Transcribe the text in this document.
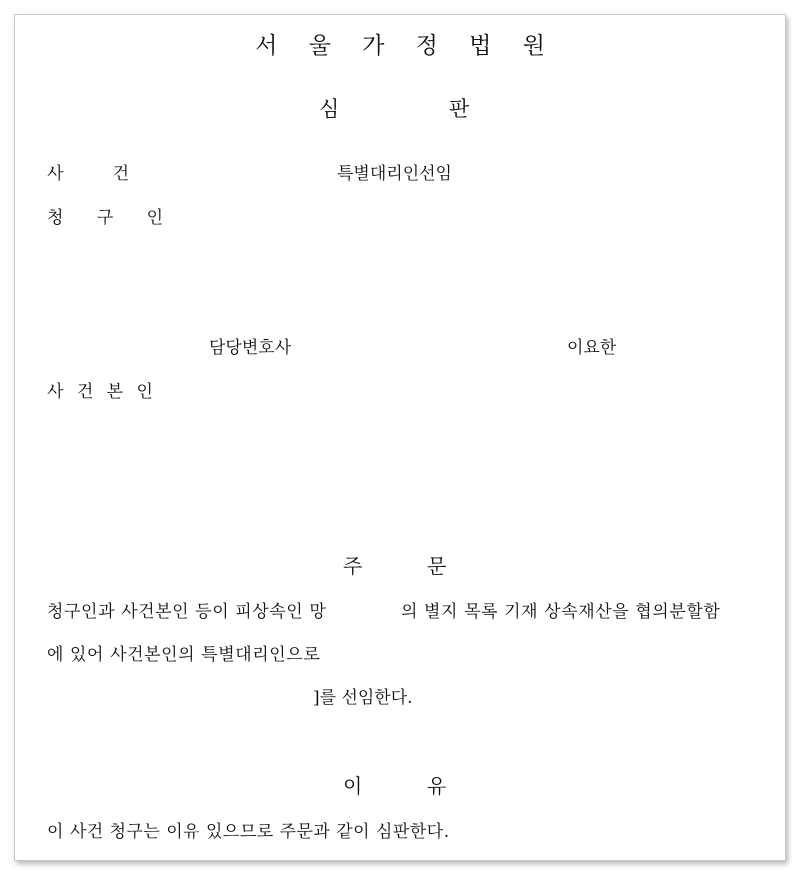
서 울 가 정 법 원
심	판
사 건	특별대리인선임
청 구 인
담당변호사	이요한
사 건 본 인
주	문
청구인과 사건본인 등이 피상속인 망	의 별지 목록 기재 상속재산을 협의분할함
에 있어 사건본인의 특별대리인으로
]를 선임한다.
이	유
이 사건 청구는 이유 있으므로 주문과 같이 심판한다.
